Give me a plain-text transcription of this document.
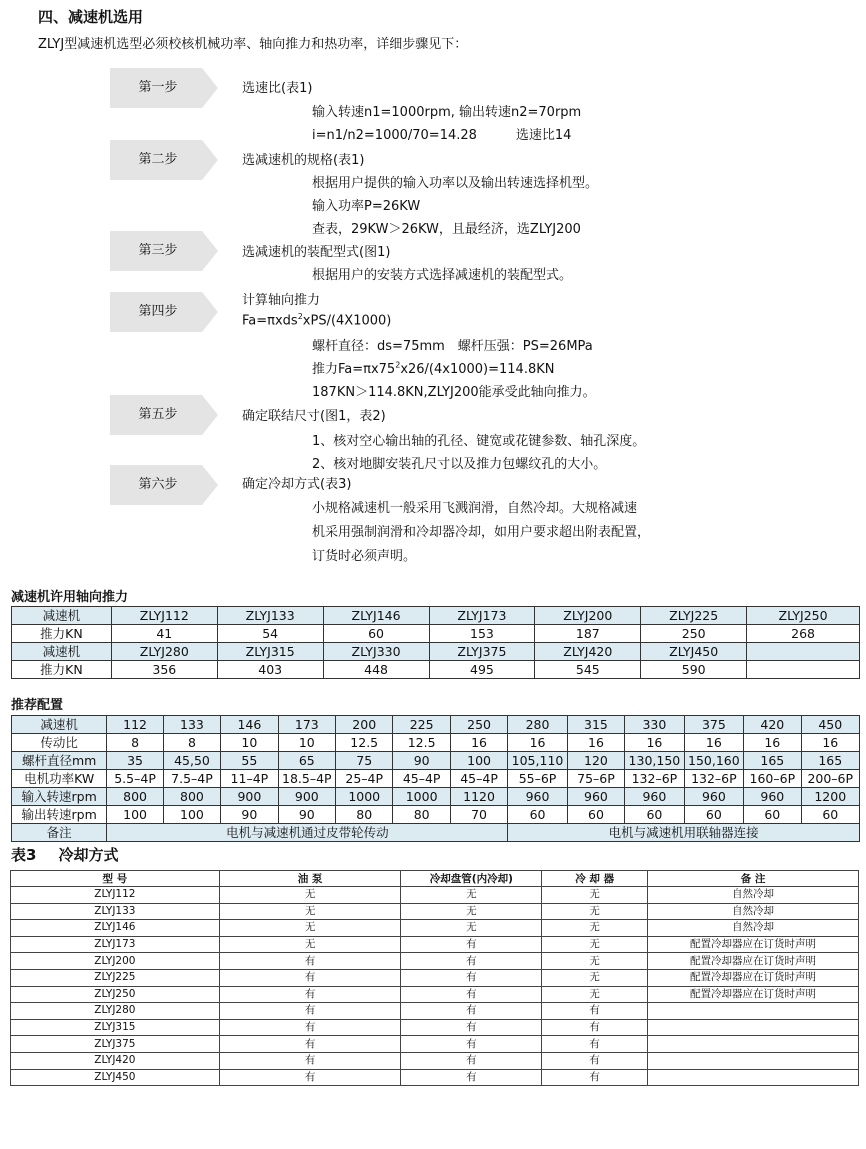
四、减速机选用
ZLYJ型减速机选型必须校核机械功率、轴向推力和热功率，详细步骤见下：
第一步	选速比(表1)
输入转速n1=1000rpm, 输出转速n2=70rpm
i=n1/n2=1000/70=14.28　　　选速比14
第二步	选减速机的规格(表1)
根据用户提供的输入功率以及输出转速选择机型。
输入功率P=26KW
查表，29KW＞26KW，且最经济，选ZLYJ200
第三步	选减速机的装配型式(图1)
根据用户的安装方式选择减速机的装配型式。
第四步
计算轴向推力
Fa=πxds$^2$xPS/(4X1000)
螺杆直径：ds=75mm　螺杆压强：PS=26MPa
推力$Fa=\pi x75^2x26/(4x1000)=114.8KN$
187KN＞114.8KN,ZLYJ200能承受此轴向推力。
第五步	确定联结尺寸(图1，表2)
1、核对空心输出轴的孔径、键宽或花键参数、轴孔深度。
2、核对地脚安装孔尺寸以及推力包螺纹孔的大小。
第六步	确定冷却方式(表3)
小规格减速机一般采用飞溅润滑，自然冷却。大规格减速
机采用强制润滑和冷却器冷却，如用户要求超出附表配置，
订货时必须声明。
减速机许用轴向推力
减速机	ZLYJ112	ZLYJ133	ZLYJ146	ZLYJ173	ZLYJ200	ZLYJ225	ZLYJ250
推力KN	41	54	60	153	187	250	268
减速机	ZLYJ280	ZLYJ315	ZLYJ330	ZLYJ375	ZLYJ420	ZLYJ450	
推力KN	356	403	448	495	545	590	
推荐配置
减速机	112	133	146	173	200	225	250	280	315	330	375	420	450
传动比	8	8	10	10	12.5	12.5	16	16	16	16	16	16	16
螺杆直径mm	35	45,50	55	65	75	90	100	105,110	120	130,150	150,160	165	165
电机功率KW	5.5–4P	7.5–4P	11–4P	18.5–4P	25–4P	45–4P	45–4P	55–6P	75–6P	132–6P	132–6P	160–6P	200–6P
输入转速rpm	800	800	900	900	1000	1000	1120	960	960	960	960	960	1200
输出转速rpm	100	100	90	90	80	80	70	60	60	60	60	60	60
备注	电机与减速机通过皮带轮传动							电机与减速机用联轴器连接					
表3 冷却方式
型 号	油 泵	冷却盘管(内冷却)	冷 却 器	备 注
ZLYJ112	无	无	无	自然冷却
ZLYJ133	无	无	无	自然冷却
ZLYJ146	无	无	无	自然冷却
ZLYJ173	无	有	无	配置冷却器应在订货时声明
ZLYJ200	有	有	无	配置冷却器应在订货时声明
ZLYJ225	有	有	无	配置冷却器应在订货时声明
ZLYJ250	有	有	无	配置冷却器应在订货时声明
ZLYJ280	有	有	有	
ZLYJ315	有	有	有	
ZLYJ375	有	有	有	
ZLYJ420	有	有	有	
ZLYJ450	有	有	有	
